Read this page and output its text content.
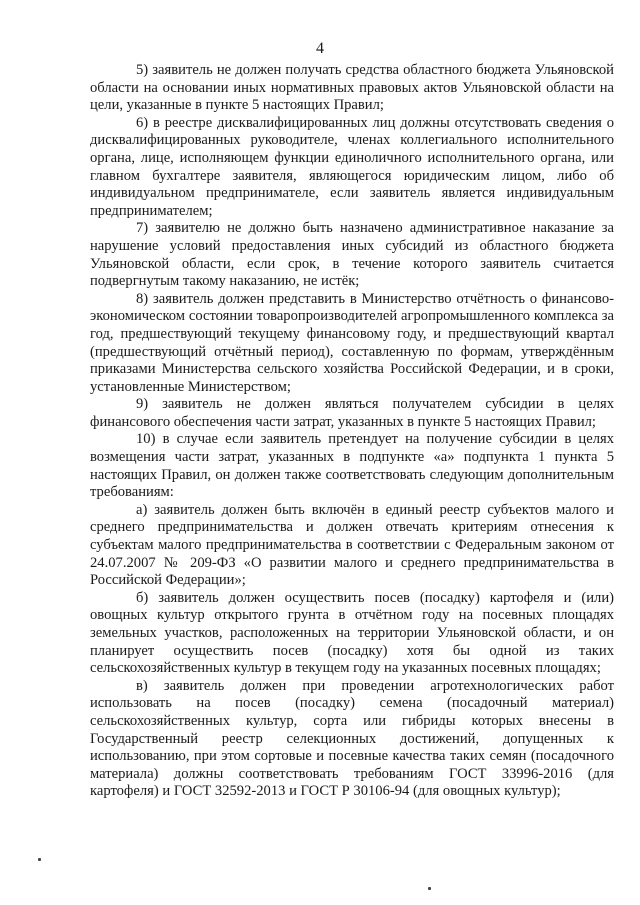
4

5) заявитель не должен получать средства областного бюджета Ульяновской области на основании иных нормативных правовых актов Ульяновской области на цели, указанные в пункте 5 настоящих Правил;

6) в реестре дисквалифицированных лиц должны отсутствовать сведения о дисквалифицированных руководителе, членах коллегиального исполнительного органа, лице, исполняющем функции единоличного исполнительного органа, или главном бухгалтере заявителя, являющегося юридическим лицом, либо об индивидуальном предпринимателе, если заявитель является индивидуальным предпринимателем;

7) заявителю не должно быть назначено административное наказание за нарушение условий предоставления иных субсидий из областного бюджета Ульяновской области, если срок, в течение которого заявитель считается подвергнутым такому наказанию, не истёк;

8) заявитель должен представить в Министерство отчётность о финансово-экономическом состоянии товаропроизводителей агропромышленного комплекса за год, предшествующий текущему финансовому году, и предшествующий квартал (предшествующий отчётный период), составленную по формам, утверждённым приказами Министерства сельского хозяйства Российской Федерации, и в сроки, установленные Министерством;

9) заявитель не должен являться получателем субсидии в целях финансового обеспечения части затрат, указанных в пункте 5 настоящих Правил;

10) в случае если заявитель претендует на получение субсидии в целях возмещения части затрат, указанных в подпункте «а» подпункта 1 пункта 5 настоящих Правил, он должен также соответствовать следующим дополнительным требованиям:

а) заявитель должен быть включён в единый реестр субъектов малого и среднего предпринимательства и должен отвечать критериям отнесения к субъектам малого предпринимательства в соответствии с Федеральным законом от 24.07.2007 № 209-ФЗ «О развитии малого и среднего предпринимательства в Российской Федерации»;

б) заявитель должен осуществить посев (посадку) картофеля и (или) овощных культур открытого грунта в отчётном году на посевных площадях земельных участков, расположенных на территории Ульяновской области, и он планирует осуществить посев (посадку) хотя бы одной из таких сельскохозяйственных культур в текущем году на указанных посевных площадях;

в) заявитель должен при проведении агротехнологических работ использовать на посев (посадку) семена (посадочный материал) сельскохозяйственных культур, сорта или гибриды которых внесены в Государственный реестр селекционных достижений, допущенных к использованию, при этом сортовые и посевные качества таких семян (посадочного материала) должны соответствовать требованиям ГОСТ 33996-2016 (для картофеля) и ГОСТ 32592-2013 и ГОСТ Р 30106-94 (для овощных культур);
